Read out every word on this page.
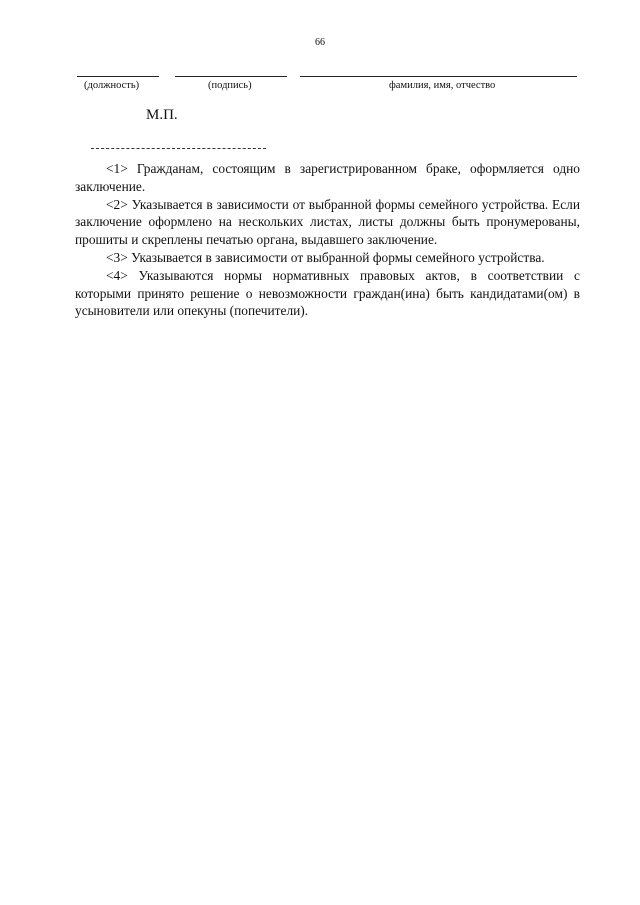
66
(должность)	(подпись)	фамилия, имя, отчество
М.П.

<1> Гражданам, состоящим в зарегистрированном браке, оформляется одно заключение.

<2> Указывается в зависимости от выбранной формы семейного устройства. Если заключение оформлено на нескольких листах, листы должны быть пронумерованы, прошиты и скреплены печатью органа, выдавшего заключение.

<3> Указывается в зависимости от выбранной формы семейного устройства.

<4> Указываются нормы нормативных правовых актов, в соответствии с которыми принято решение о невозможности граждан(ина) быть кандидатами(ом) в усыновители или опекуны (попечители).
